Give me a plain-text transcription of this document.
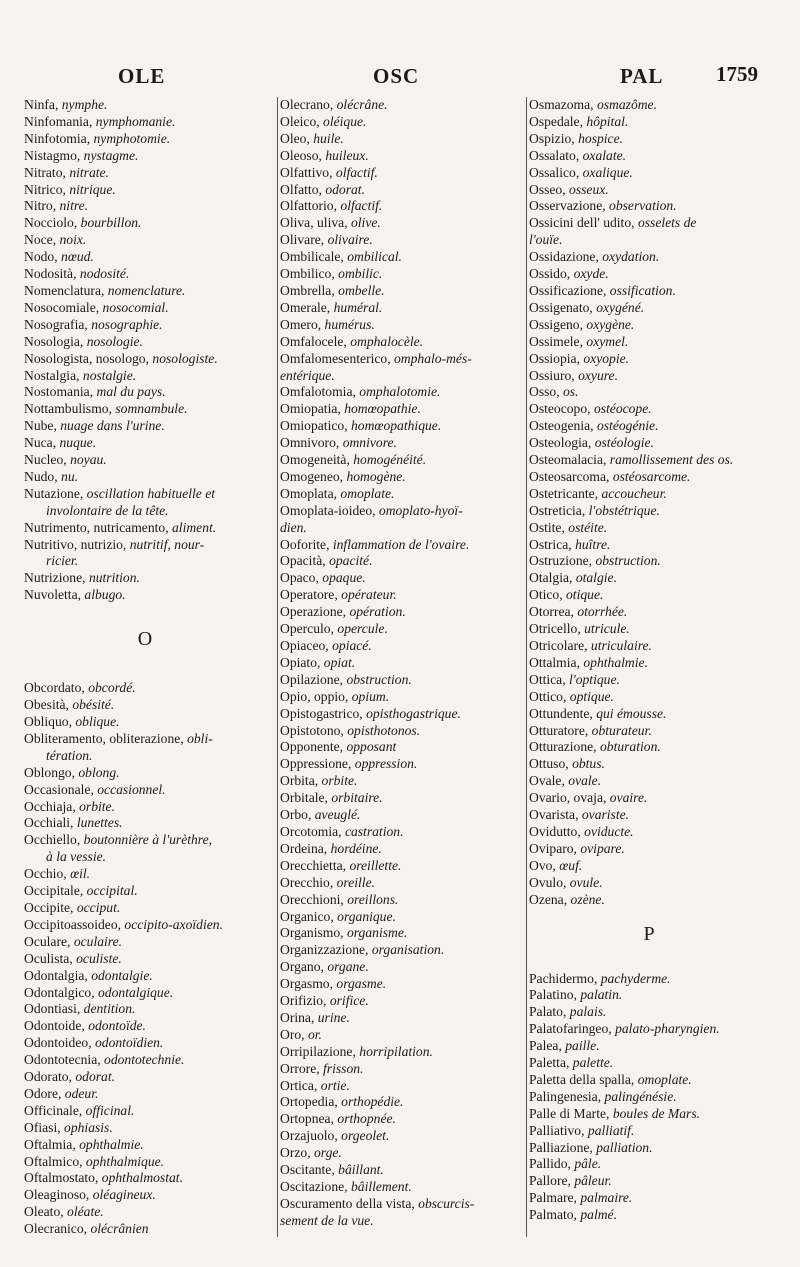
OLE	OSC	PAL	1759
Ninfa, nymphe.
Ninfomania, nymphomanie.
Ninfotomia, nymphotomie.
Nistagmo, nystagme.
Nitrato, nitrate.
Nitrico, nitrique.
Nitro, nitre.
Nocciolo, bourbillon.
Noce, noix.
Nodo, nœud.
Nodosità, nodosité.
Nomenclatura, nomenclature.
Nosocomiale, nosocomial.
Nosografia, nosographie.
Nosologia, nosologie.
Nosologista, nosologo, nosologiste.
Nostalgia, nostalgie.
Nostomania, mal du pays.
Nottambulismo, somnambule.
Nube, nuage dans l'urine.
Nuca, nuque.
Nucleo, noyau.
Nudo, nu.
Nutazione, oscillation habituelle et
involontaire de la tête.
Nutrimento, nutricamento, aliment.
Nutritivo, nutrizio, nutritif, nour-
ricier.
Nutrizione, nutrition.
Nuvoletta, albugo.
O
Obcordato, obcordé.
Obesità, obésité.
Obliquo, oblique.
Obliteramento, obliterazione, obli-
tération.
Oblongo, oblong.
Occasionale, occasionnel.
Occhiaja, orbite.
Occhiali, lunettes.
Occhiello, boutonnière à l'urèthre,
à la vessie.
Occhio, œil.
Occipitale, occipital.
Occipite, occiput.
Occipitoassoideo, occipito-axoïdien.
Oculare, oculaire.
Oculista, oculiste.
Odontalgia, odontalgie.
Odontalgico, odontalgique.
Odontiasi, dentition.
Odontoide, odontoïde.
Odontoideo, odontoïdien.
Odontotecnia, odontotechnie.
Odorato, odorat.
Odore, odeur.
Officinale, officinal.
Ofiasi, ophiasis.
Oftalmia, ophthalmie.
Oftalmico, ophthalmique.
Oftalmostato, ophthalmostat.
Oleaginoso, oléagineux.
Oleato, oléate.
Olecranico, olécrânien
Olecrano, olécrâne.
Oleico, oléique.
Oleo, huile.
Oleoso, huileux.
Olfattivo, olfactif.
Olfatto, odorat.
Olfattorio, olfactif.
Oliva, uliva, olive.
Olivare, olivaire.
Ombilicale, ombilical.
Ombilico, ombilic.
Ombrella, ombelle.
Omerale, huméral.
Omero, humérus.
Omfalocele, omphalocèle.
Omfalomesenterico, omphalo-més-
entérique.
Omfalotomia, omphalotomie.
Omiopatia, homœopathie.
Omiopatico, homœopathique.
Omnivoro, omnivore.
Omogeneità, homogénéité.
Omogeneo, homogène.
Omoplata, omoplate.
Omoplata-ioideo, omoplato-hyoï-
dien.
Ooforite, inflammation de l'ovaire.
Opacità, opacité.
Opaco, opaque.
Operatore, opérateur.
Operazione, opération.
Operculo, opercule.
Opiaceo, opiacé.
Opiato, opiat.
Opilazione, obstruction.
Opio, oppio, opium.
Opistogastrico, opisthogastrique.
Opistotono, opisthotonos.
Opponente, opposant
Oppressione, oppression.
Orbita, orbite.
Orbitale, orbitaire.
Orbo, aveuglé.
Orcotomia, castration.
Ordeina, hordéine.
Orecchietta, oreillette.
Orecchio, oreille.
Orecchioni, oreillons.
Organico, organique.
Organismo, organisme.
Organizzazione, organisation.
Organo, organe.
Orgasmo, orgasme.
Orifizio, orifice.
Orina, urine.
Oro, or.
Orripilazione, horripilation.
Orrore, frisson.
Ortica, ortie.
Ortopedia, orthopédie.
Ortopnea, orthopnée.
Orzajuolo, orgeolet.
Orzo, orge.
Oscitante, bâillant.
Oscitazione, bâillement.
Oscuramento della vista, obscurcis-
sement de la vue.
Osmazoma, osmazôme.
Ospedale, hôpital.
Ospizio, hospice.
Ossalato, oxalate.
Ossalico, oxalique.
Osseo, osseux.
Osservazione, observation.
Ossicini dell' udito, osselets de
l'ouïe.
Ossidazione, oxydation.
Ossido, oxyde.
Ossificazione, ossification.
Ossigenato, oxygéné.
Ossigeno, oxygène.
Ossimele, oxymel.
Ossiopia, oxyopie.
Ossiuro, oxyure.
Osso, os.
Osteocopo, ostéocope.
Osteogenia, ostéogénie.
Osteologia, ostéologie.
Osteomalacia, ramollissement des os.
Osteosarcoma, ostéosarcome.
Ostetricante, accoucheur.
Ostreticia, l'obstétrique.
Ostite, ostéite.
Ostrica, huître.
Ostruzione, obstruction.
Otalgia, otalgie.
Otico, otique.
Otorrea, otorrhée.
Otricello, utricule.
Otricolare, utriculaire.
Ottalmia, ophthalmie.
Ottica, l'optique.
Ottico, optique.
Ottundente, qui émousse.
Otturatore, obturateur.
Otturazione, obturation.
Ottuso, obtus.
Ovale, ovale.
Ovario, ovaja, ovaire.
Ovarista, ovariste.
Ovidutto, oviducte.
Oviparo, ovipare.
Ovo, œuf.
Ovulo, ovule.
Ozena, ozène.
P
Pachidermo, pachyderme.
Palatino, palatin.
Palato, palais.
Palatofaringeo, palato-pharyngien.
Palea, paille.
Paletta, palette.
Paletta della spalla, omoplate.
Palingenesia, palingénésie.
Palle di Marte, boules de Mars.
Palliativo, palliatif.
Palliazione, palliation.
Pallido, pâle.
Pallore, pâleur.
Palmare, palmaire.
Palmato, palmé.
